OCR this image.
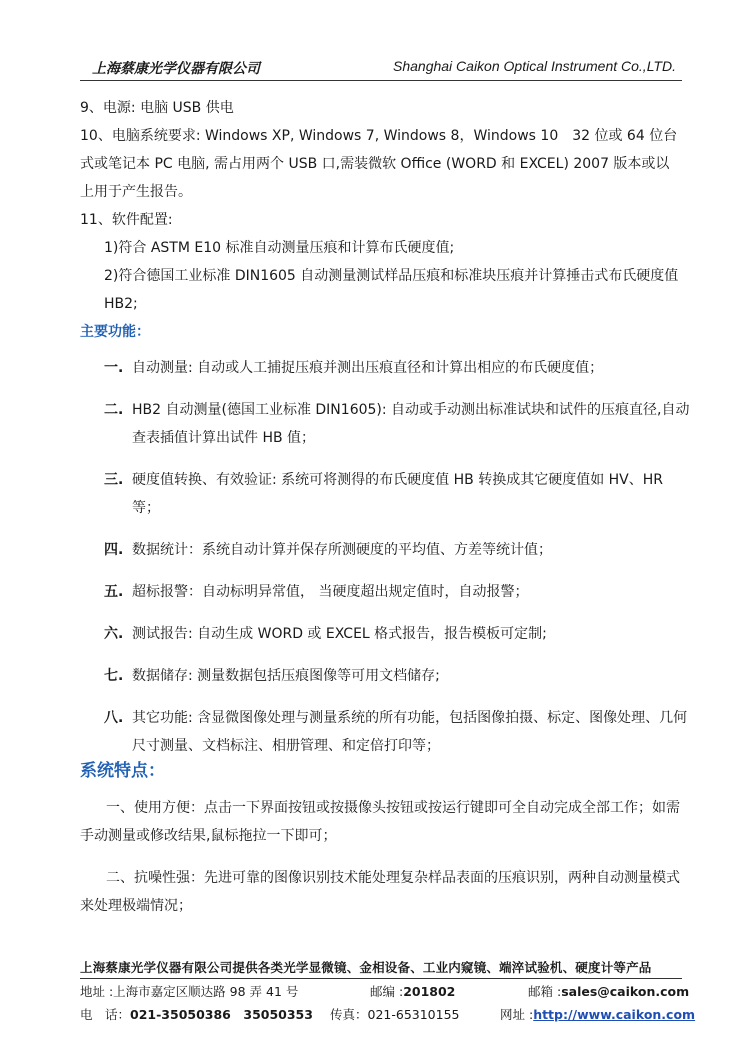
上海蔡康光学仪器有限公司	Shanghai Caikon Optical Instrument Co.,LTD.

9、电源: 电脑 USB 供电

10、电脑系统要求: Windows XP, Windows 7, Windows 8，Windows 10　32 位或 64 位台式或笔记本 PC 电脑, 需占用两个 USB 口,需装微软 Office (WORD 和 EXCEL) 2007 版本或以上用于产生报告。

11、软件配置:

1)符合 ASTM E10 标准自动测量压痕和计算布氏硬度值;

2)符合德国工业标准 DIN1605 自动测量测试样品压痕和标准块压痕并计算捶击式布氏硬度值 HB2;

主要功能：

一. 自动测量: 自动或人工捕捉压痕并测出压痕直径和计算出相应的布氏硬度值；
二. HB2 自动测量(德国工业标准 DIN1605): 自动或手动测出标准试块和试件的压痕直径,自动查表插值计算出试件 HB 值；
三. 硬度值转换、有效验证: 系统可将测得的布氏硬度值 HB 转换成其它硬度值如 HV、HR 等；
四. 数据统计：系统自动计算并保存所测硬度的平均值、方差等统计值；
五. 超标报警：自动标明异常值， 当硬度超出规定值时，自动报警；
六. 测试报告: 自动生成 WORD 或 EXCEL 格式报告，报告模板可定制;
七. 数据储存: 测量数据包括压痕图像等可用文档储存;
八. 其它功能: 含显微图像处理与测量系统的所有功能，包括图像拍摄、标定、图像处理、几何尺寸测量、文档标注、相册管理、和定倍打印等；
系统特点：

一、使用方便：点击一下界面按钮或按摄像头按钮或按运行键即可全自动完成全部工作；如需手动测量或修改结果,鼠标拖拉一下即可；

二、抗噪性强：先进可靠的图像识别技术能处理复杂样品表面的压痕识别，两种自动测量模式来处理极端情况；

上海蔡康光学仪器有限公司提供各类光学显微镜、金相设备、工业内窥镜、端淬试验机、硬度计等产品
地址 :上海市嘉定区顺达路 98 弄 41 号	邮编 :201802	邮箱 :sales@caikon.com
电　话：021-35050386　35050353 传真：021-65310155	网址 :http://www.caikon.com
